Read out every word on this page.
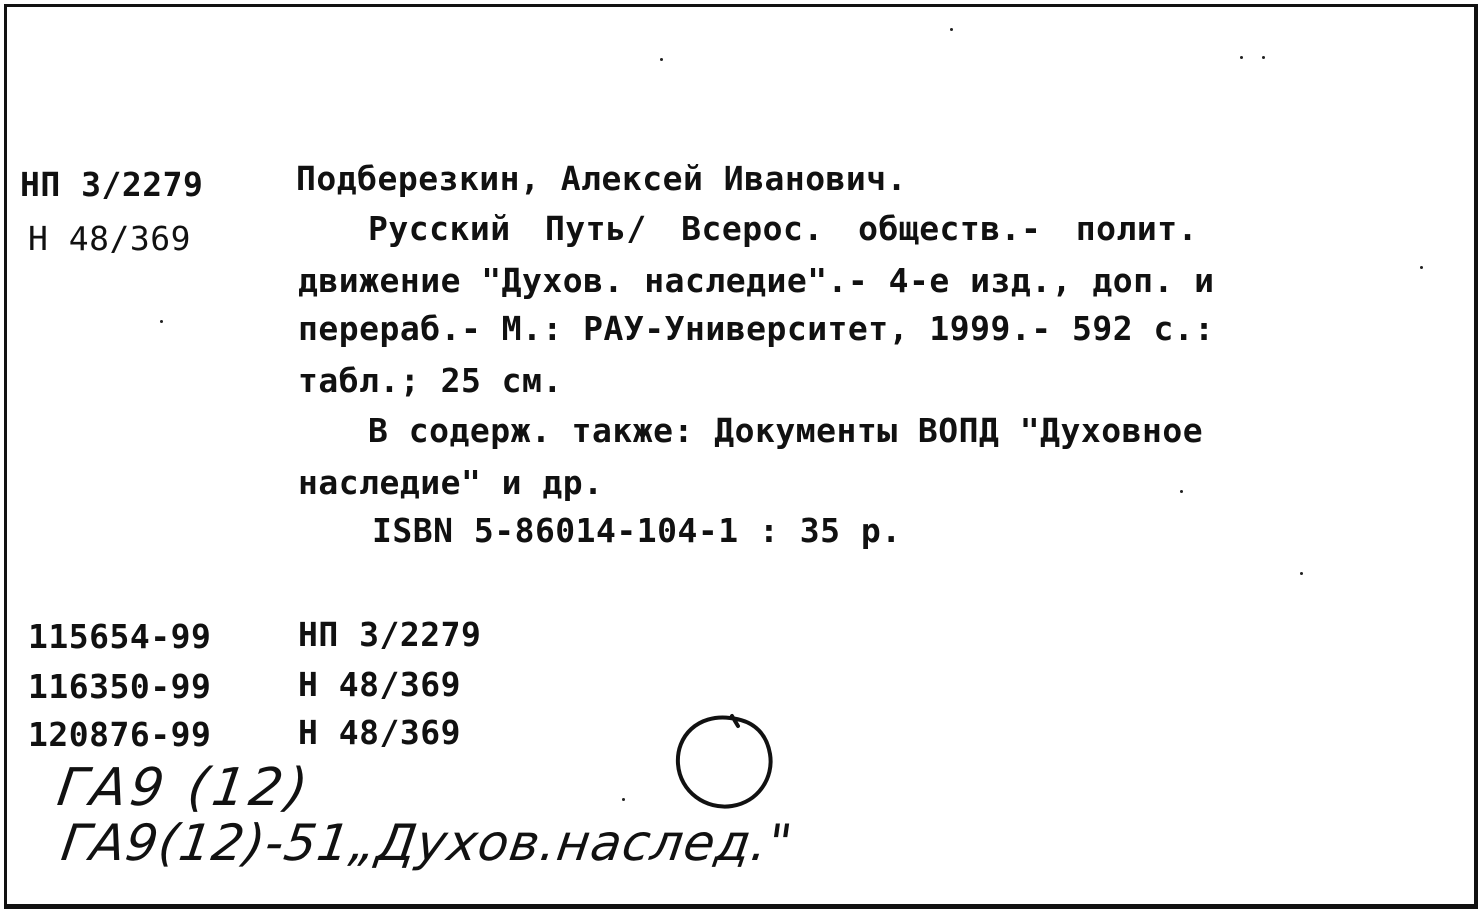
НП 3/2279
Н 48/369
Подберезкин, Алексей Иванович.
Русский Путь/ Всерос. обществ.- полит.
движение "Духов. наследие".- 4-е изд., доп. и
перераб.- М.: РАУ-Университет, 1999.- 592 с.:
табл.; 25 см.
В содерж. также: Документы ВОПД "Духовное
наследие" и др.
ISBN 5-86014-104-1 : 35 р.
115654-99	НП 3/2279
116350-99	Н 48/369
120876-99	Н 48/369
ГА9 (12)
ГА9(12)-51„Духов.наслед."
